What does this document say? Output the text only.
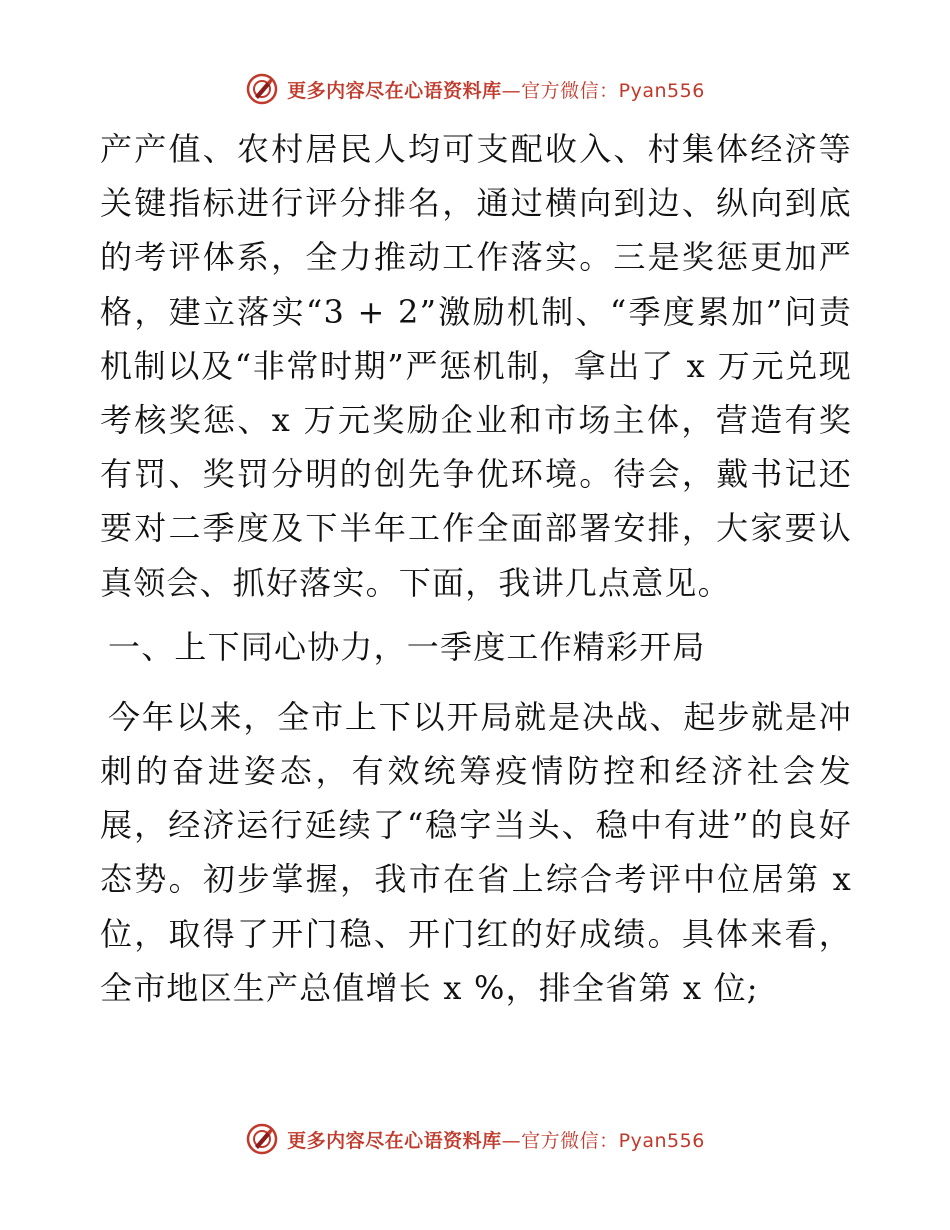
更多内容尽在心语资料库—官方微信：Pyan556

产产值、农村居民人均可支配收入、村集体经济等关键指标进行评分排名，通过横向到边、纵向到底的考评体系，全力推动工作落实。三是奖惩更加严格，建立落实“3 + 2”激励机制、“季度累加”问责机制以及“非常时期”严惩机制，拿出了 x 万元兑现考核奖惩、x 万元奖励企业和市场主体，营造有奖有罚、奖罚分明的创先争优环境。待会，戴书记还要对二季度及下半年工作全面部署安排，大家要认真领会、抓好落实。下面，我讲几点意见。

一、上下同心协力，一季度工作精彩开局

今年以来，全市上下以开局就是决战、起步就是冲刺的奋进姿态，有效统筹疫情防控和经济社会发展，经济运行延续了“稳字当头、稳中有进”的良好态势。初步掌握，我市在省上综合考评中位居第 x 位，取得了开门稳、开门红的好成绩。具体来看，全市地区生产总值增长 x %，排全省第 x 位;

更多内容尽在心语资料库—官方微信：Pyan556
